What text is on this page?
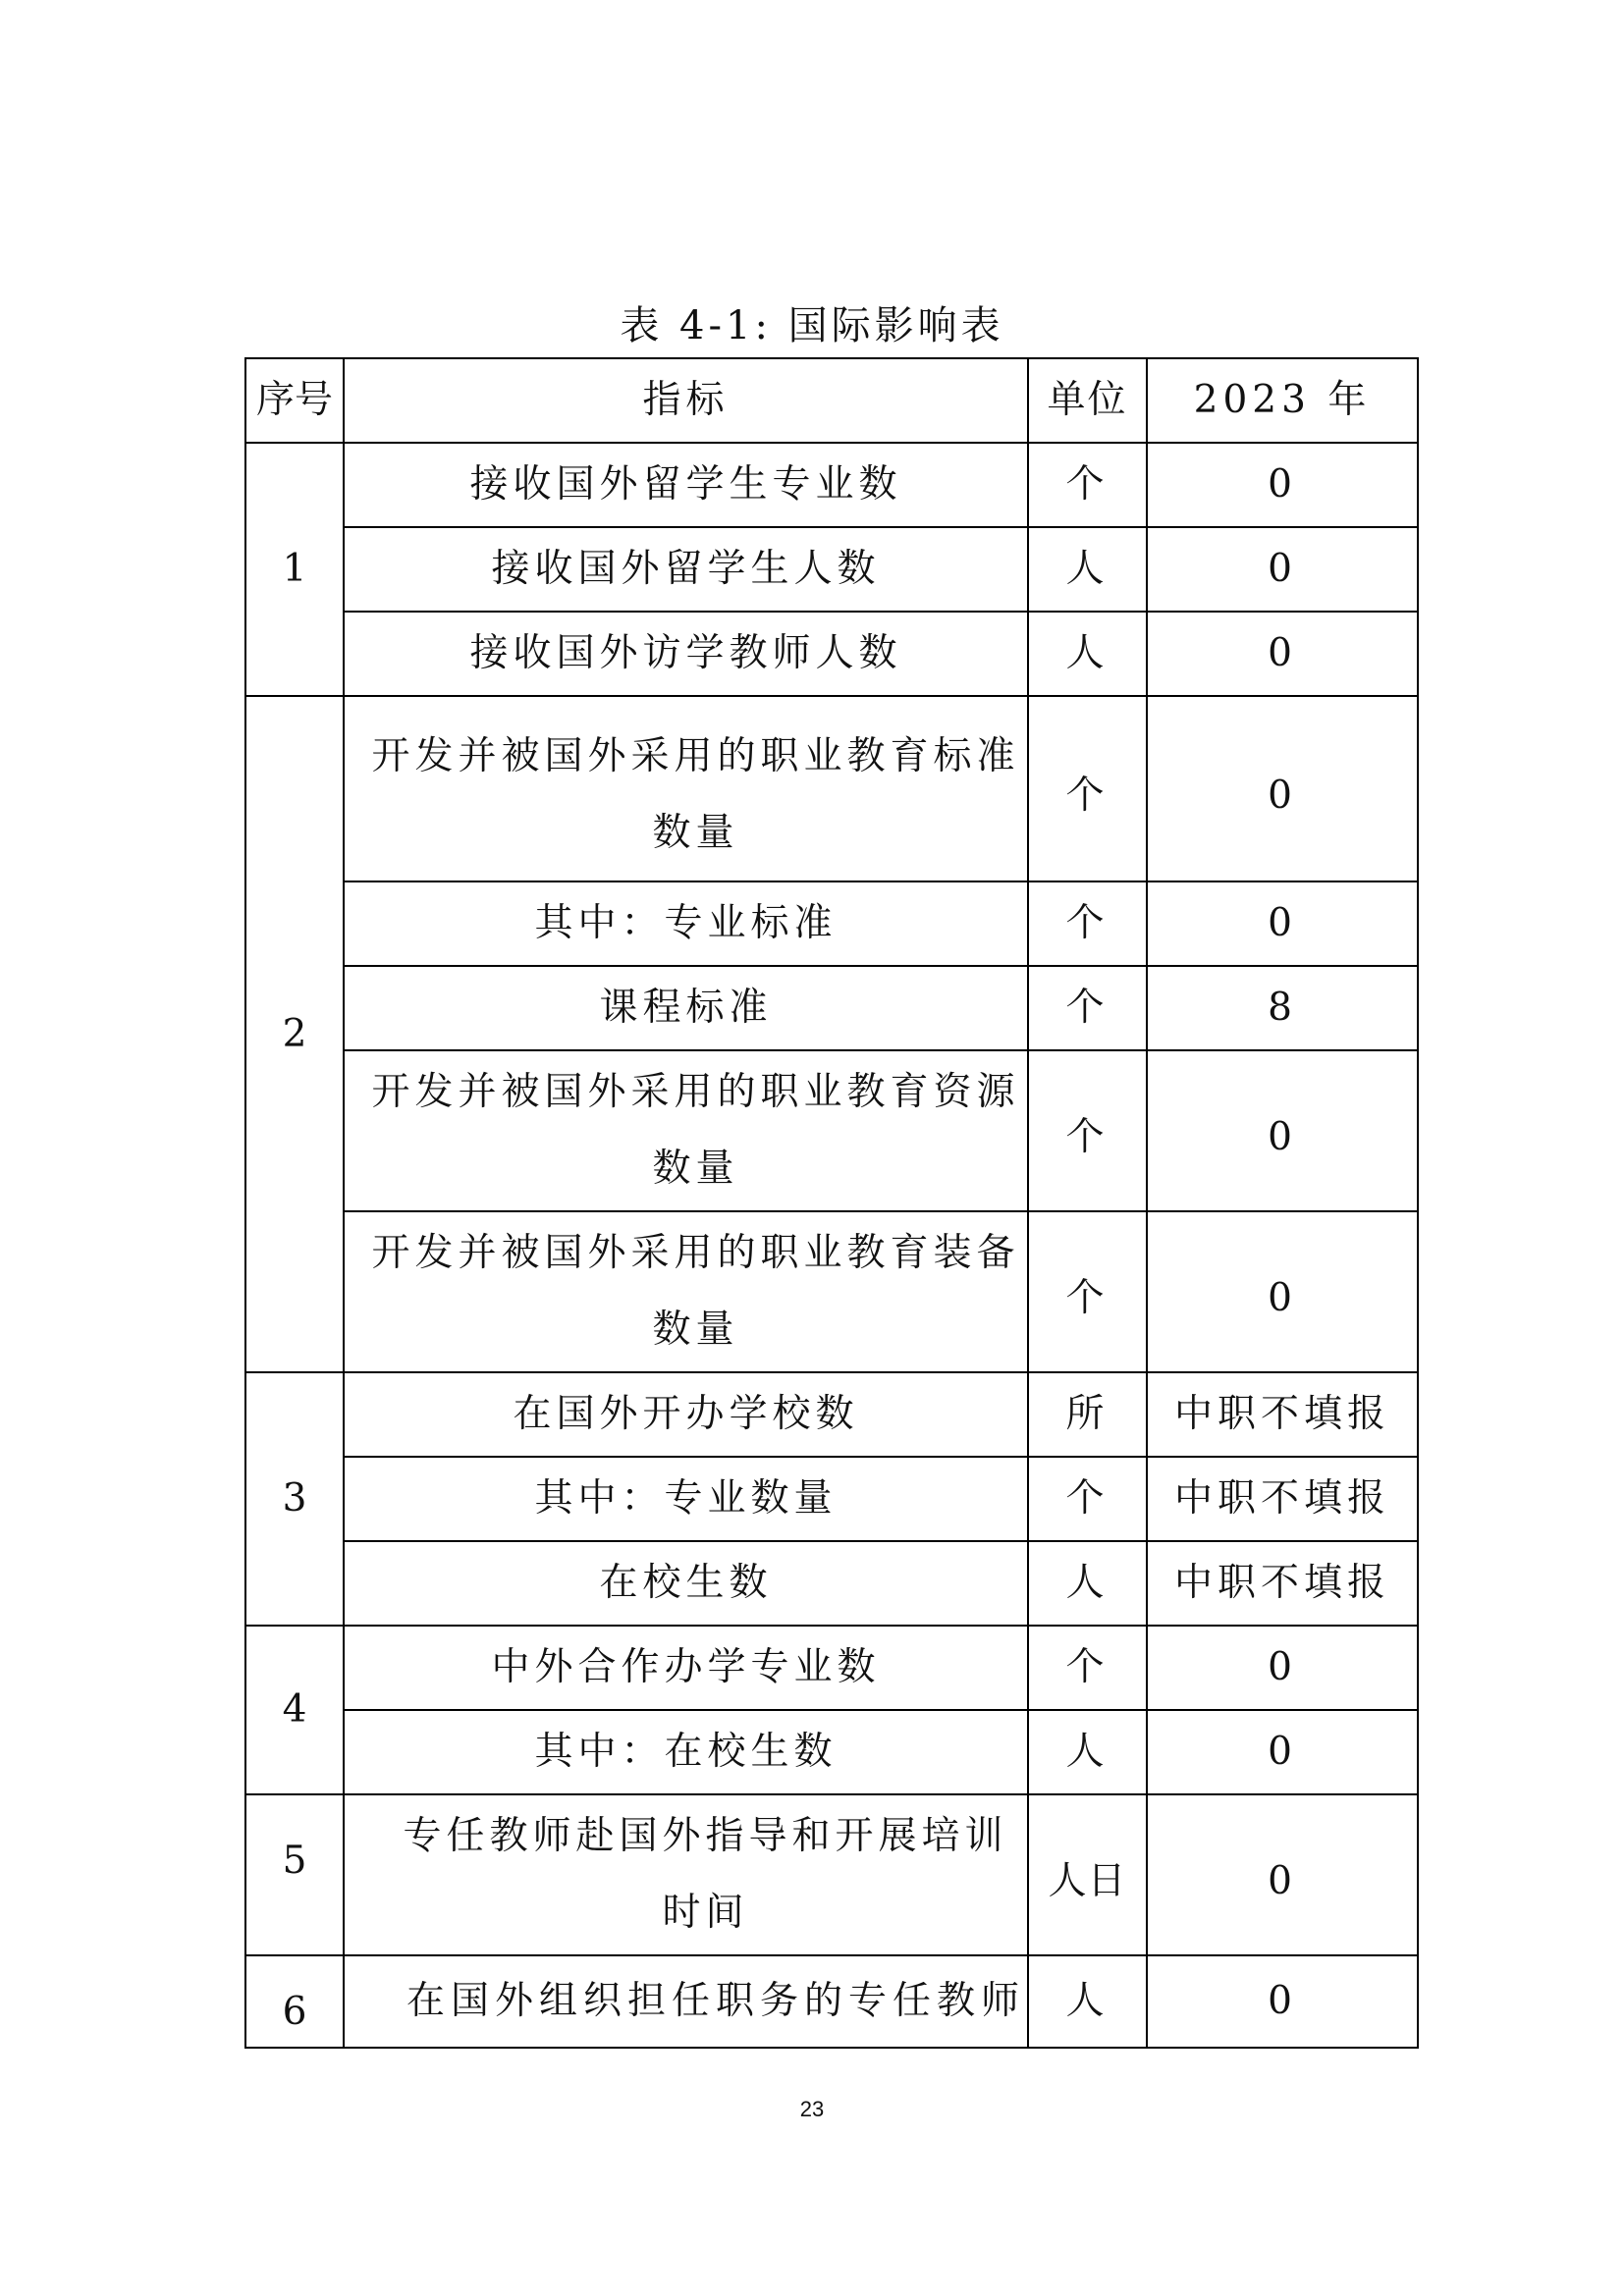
表 4-1: 国际影响表
序号	指标	单位	2023 年
1	接收国外留学生专业数	个	0
	接收国外留学生人数	人	0
	接收国外访学教师人数	人	0
2	开发并被国外采用的职业教育标准数量	个	0
	其中：专业标准	个	0
	课程标准	个	8
	开发并被国外采用的职业教育资源数量	个	0
	开发并被国外采用的职业教育装备数量	个	0
3	在国外开办学校数	所	中职不填报
	其中：专业数量	个	中职不填报
	在校生数	人	中职不填报
4	中外合作办学专业数	个	0
	其中：在校生数	人	0
5	专任教师赴国外指导和开展培训时间	人日	0
6	在国外组织担任职务的专任教师	人	0
23
